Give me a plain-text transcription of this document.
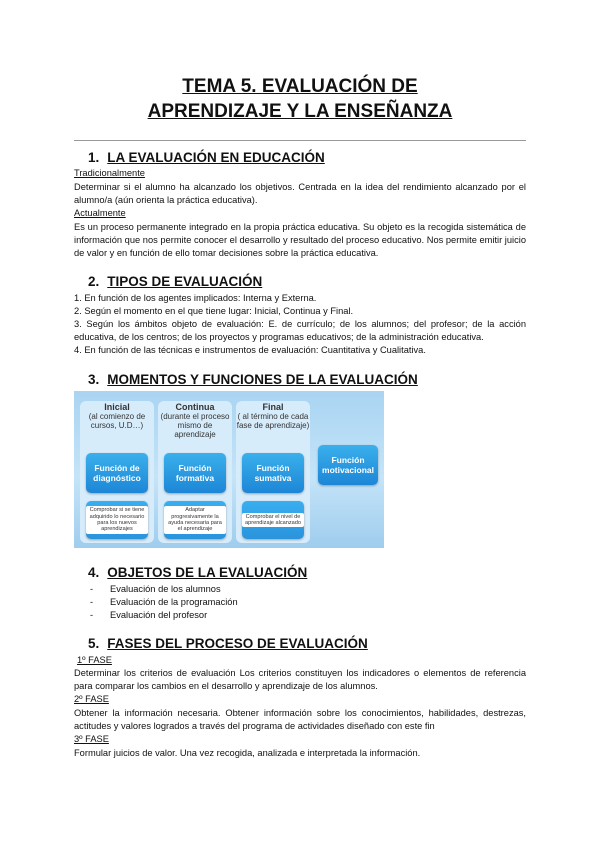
TEMA 5. EVALUACIÓN DE
APRENDIZAJE Y LA ENSEÑANZA
1. LA EVALUACIÓN EN EDUCACIÓN
Tradicionalmente
Determinar si el alumno ha alcanzado los objetivos. Centrada en la idea del rendimiento alcanzado por el alumno/a (aún orienta la práctica educativa).
Actualmente
Es un proceso permanente integrado en la propia práctica educativa. Su objeto es la recogida sistemática de información que nos permite conocer el desarrollo y resultado del proceso educativo. Nos permite emitir juicio de valor y en función de ello tomar decisiones sobre la práctica educativa.
2. TIPOS DE EVALUACIÓN
1. En función de los agentes implicados: Interna y Externa.
2. Según el momento en el que tiene lugar: Inicial, Continua y Final.
3. Según los ámbitos objeto de evaluación: E. de currículo; de los alumnos; del profesor; de la acción educativa, de los centros; de los proyectos y programas educativos; de la administración educativa.
4. En función de las técnicas e instrumentos de evaluación: Cuantitativa y Cualitativa.
3. MOMENTOS Y FUNCIONES DE LA EVALUACIÓN
Inicial
(al comienzo de cursos, U.D…)
Función de diagnóstico
Comprobar si se tiene adquirido lo necesario para los nuevos aprendizajes
Continua
(durante el proceso mismo de aprendizaje
Función formativa
Adaptar progresivamente la ayuda necesaria para el aprendizaje
Final
( al término de cada fase de aprendizaje)
Función sumativa
Comprobar el nivel de aprendizaje alcanzado
Función motivacional
4. OBJETOS DE LA EVALUACIÓN
- Evaluación de los alumnos
- Evaluación de la programación
- Evaluación del profesor
5. FASES DEL PROCESO DE EVALUACIÓN
1º FASE
Determinar los criterios de evaluación Los criterios constituyen los indicadores o elementos de referencia para comparar los cambios en el desarrollo y aprendizaje de los alumnos.
2º FASE
Obtener la información necesaria. Obtener información sobre los conocimientos, habilidades, destrezas, actitudes y valores logrados a través del programa de actividades diseñado con este fin
3º FASE
Formular juicios de valor. Una vez recogida, analizada e interpretada la información.
